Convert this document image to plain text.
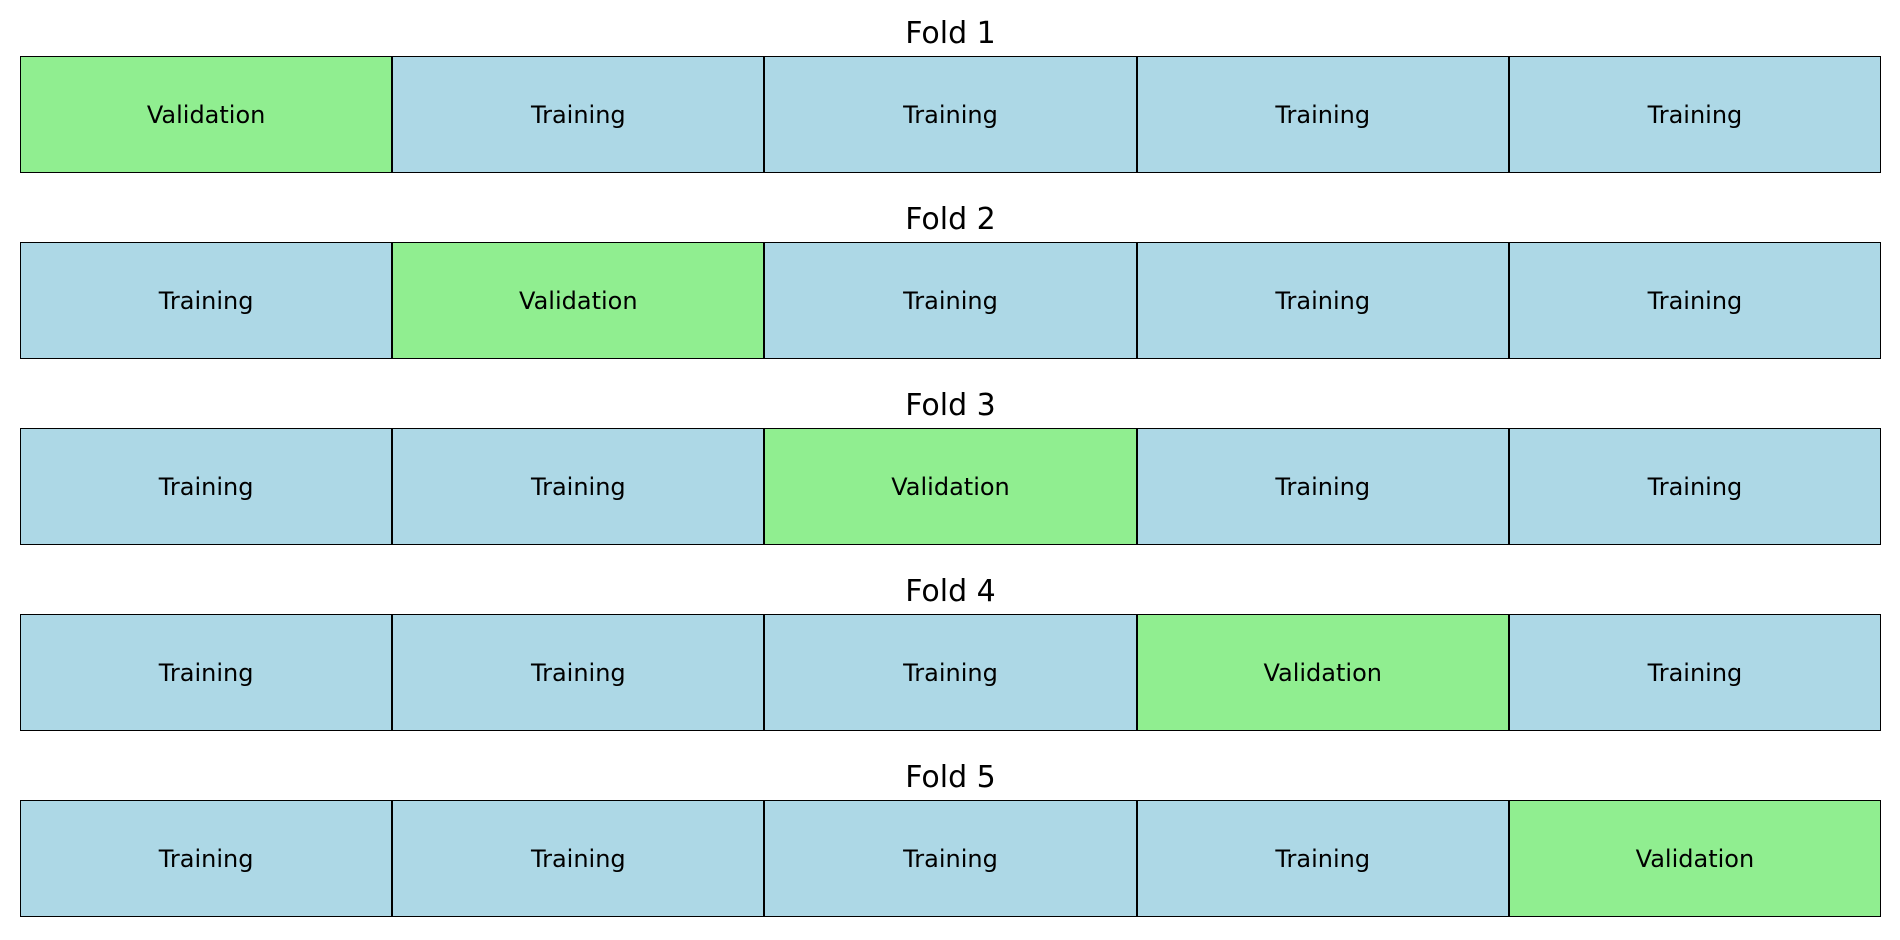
Fold 1
Validation	Training	Training	Training	Training
Fold 2
Training	Validation	Training	Training	Training
Fold 3
Training	Training	Validation	Training	Training
Fold 4
Training	Training	Training	Validation	Training
Fold 5
Training	Training	Training	Training	Validation
